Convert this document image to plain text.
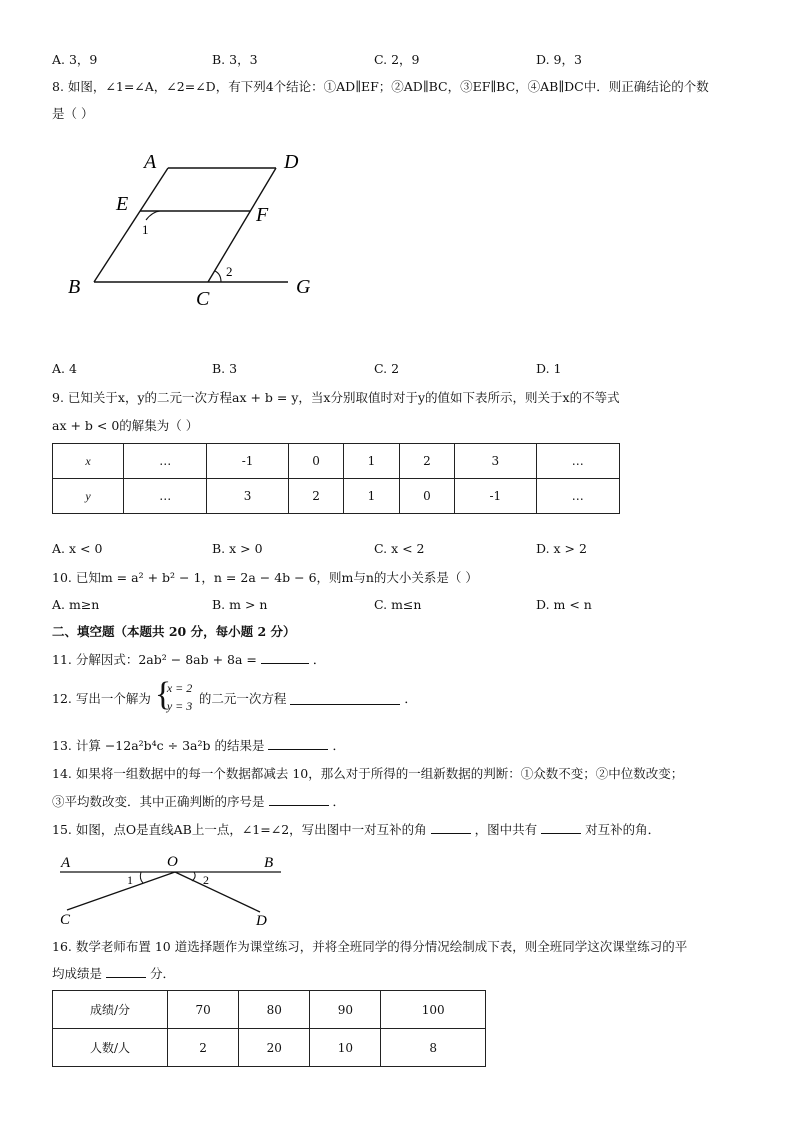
A. 3，9	B. 3，3	C. 2，9	D. 9，3
8. 如图，∠1=∠A，∠2=∠D，有下列4个结论：①AD∥EF；②AD∥BC，③EF∥BC，④AB∥DC中．则正确结论的个数
是（ ）
A	D
E	F
B
C
G
1
2
A. 4	B. 3	C. 2	D. 1
9. 已知关于x，y的二元一次方程ax + b = y，当x分别取值时对于y的值如下表所示，则关于x的不等式
ax + b < 0的解集为（ ）
x	…	-1	0	1	2	3	…
y	…	3	2	1	0	-1	…
A. x < 0	B. x > 0	C. x < 2	D. x > 2
10. 已知m = a² + b² − 1，n = 2a − 4b − 6，则m与n的大小关系是（ ）
A. m≥n	B. m > n	C. m≤n	D. m < n
二、填空题（本题共 20 分，每小题 2 分）
11. 分解因式：2ab² − 8ab + 8a =	．
12. 写出一个解为 {
x = 2
y = 3 的二元一次方程	．
13. 计算 −12a²b⁴c ÷ 3a²b 的结果是	．
14. 如果将一组数据中的每一个数据都减去 10，那么对于所得的一组新数据的判断：①众数不变；②中位数改变；
③平均数改变．其中正确判断的序号是	．
15. 如图，点O是直线AB上一点，∠1=∠2，写出图中一对互补的角	，图中共有	对互补的角．
A	O	B
C	D
1	2
16. 数学老师布置 10 道选择题作为课堂练习，并将全班同学的得分情况绘制成下表，则全班同学这次课堂练习的平
均成绩是	分．
成绩/分	70	80	90	100
人数/人	2	20	10	8
